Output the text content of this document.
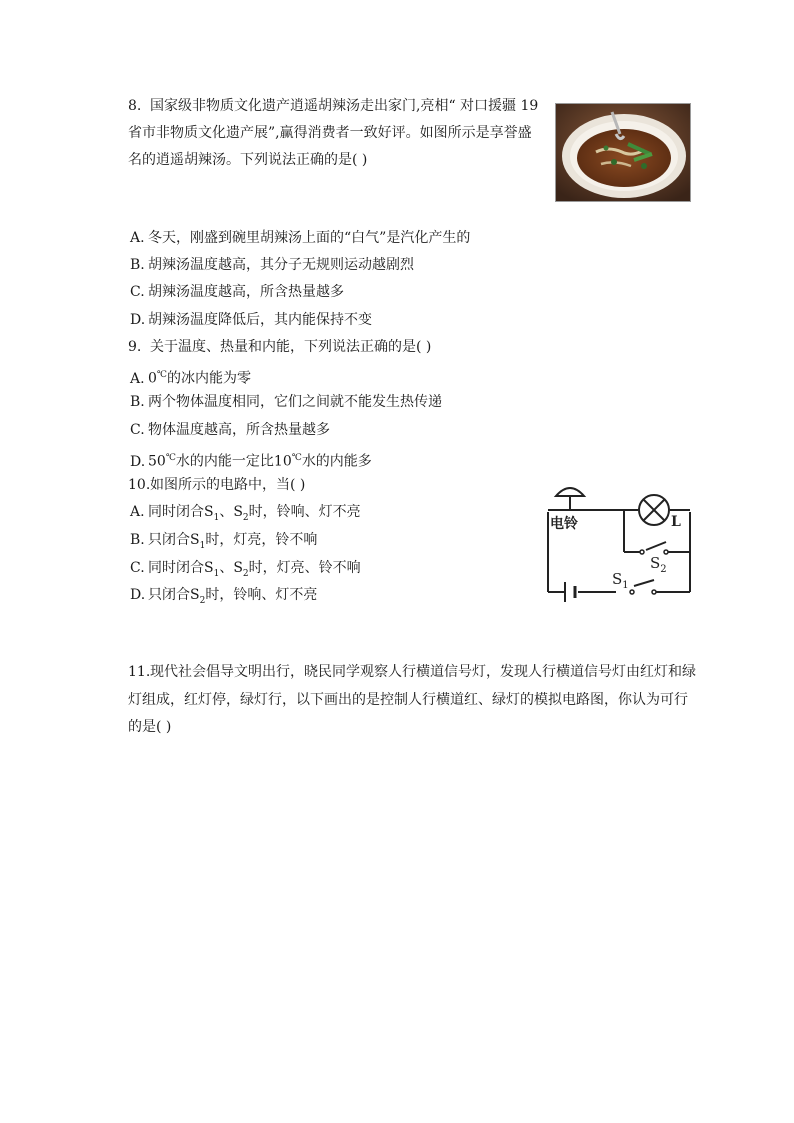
8. 国家级非物质文化遗产逍遥胡辣汤走出家门,亮相“ 对口援疆 19
省市非物质文化遗产展”,赢得消费者一致好评。如图所示是享誉盛
名的逍遥胡辣汤。下列说法正确的是( )
A. 冬天，刚盛到碗里胡辣汤上面的“白气”是汽化产生的
B. 胡辣汤温度越高，其分子无规则运动越剧烈
C. 胡辣汤温度越高，所含热量越多
D. 胡辣汤温度降低后，其内能保持不变
9. 关于温度、热量和内能，下列说法正确的是( )
A. 0℃的冰内能为零
B. 两个物体温度相同，它们之间就不能发生热传递
C. 物体温度越高，所含热量越多
D. 50℃水的内能一定比10℃水的内能多
10.如图所示的电路中，当( )
A. 同时闭合$S_1$、$S_2$时，铃响、灯不亮
B. 只闭合$S_1$时，灯亮，铃不响
C. 同时闭合$S_1$、$S_2$时，灯亮、铃不响
D. 只闭合$S_2$时，铃响、灯不亮
电铃	L
$S_2$
$S_1$
11.现代社会倡导文明出行，晓民同学观察人行横道信号灯，发现人行横道信号灯由红灯和绿
灯组成，红灯停，绿灯行，以下画出的是控制人行横道红、绿灯的模拟电路图，你认为可行
的是( )
